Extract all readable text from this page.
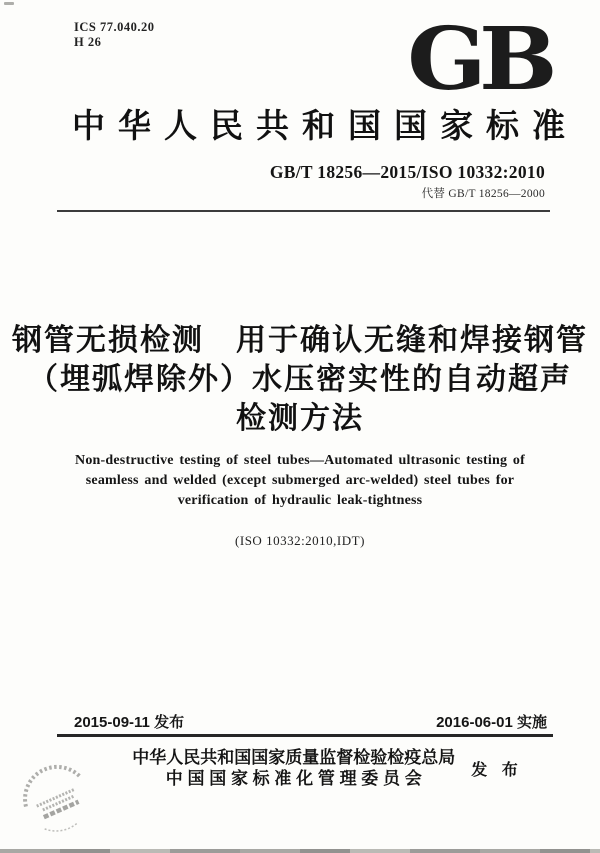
ICS 77.040.20
H 26	GB
中华人民共和国国家标准
GB/T 18256—2015/ISO 10332:2010
代替 GB/T 18256—2000
钢管无损检测　用于确认无缝和焊接钢管
（埋弧焊除外）水压密实性的自动超声
检测方法
Non-destructive testing of steel tubes—Automated ultrasonic testing of
seamless and welded (except submerged arc-welded) steel tubes for
verification of hydraulic leak-tightness
(ISO 10332:2010,IDT)
2015-09-11 发布	2016-06-01 实施
中华人民共和国国家质量监督检验检疫总局
中 国 国 家 标 准 化 管 理 委 员 会	发 布
